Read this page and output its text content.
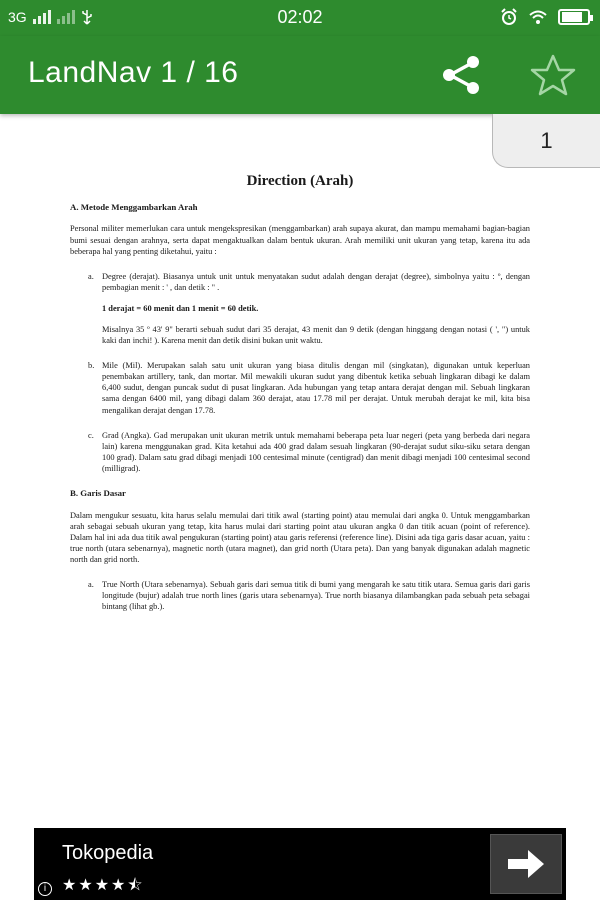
3G	02:02
LandNav 1 / 16
1
Direction (Arah)
A. Metode Menggambarkan Arah
Personal militer memerlukan cara untuk mengekspresikan (menggambarkan) arah supaya akurat, dan mampu memahami bagian-bagian bumi sesuai dengan arahnya, serta dapat mengaktualkan dalam bentuk ukuran. Arah memiliki unit ukuran yang tetap, karena itu ada beberapa hal yang penting diketahui, yaitu :
a. Degree (derajat). Biasanya untuk unit untuk menyatakan sudut adalah dengan derajat (degree), simbolnya yaitu : º, dengan pembagian menit : ' , dan detik : " .

1 derajat = 60 menit dan 1 menit = 60 detik.

Misalnya 35 º 43' 9" berarti sebuah sudut dari 35 derajat, 43 menit dan 9 detik (dengan hinggang dengan notasi ( ', ") untuk kaki dan inchi! ). Karena menit dan detik disini bukan unit waktu.

b. Mile (Mil). Merupakan salah satu unit ukuran yang biasa ditulis dengan mil (singkatan), digunakan untuk keperluan penembakan artillery, tank, dan mortar. Mil mewakili ukuran sudut yang dibentuk ketika sebuah lingkaran dibagi ke dalam 6,400 sudut, dengan puncak sudut di pusat lingkaran. Ada hubungan yang tetap antara derajat dengan mil. Sebuah lingkaran sama dengan 6400 mil, yang dibagi dalam 360 derajat, atau 17.78 mil per derajat. Untuk merubah derajat ke mil, kita bisa mengalikan derajat dengan 17.78.

c. Grad (Angka). Gad merupakan unit ukuran metrik untuk memahami beberapa peta luar negeri (peta yang berbeda dari negara lain) karena menggunakan grad. Kita ketahui ada 400 grad dalam sesuah lingkaran (90-derajat sudut siku-siku setara dengan 100 grad). Dalam satu grad dibagi menjadi 100 centesimal minute (centigrad) dan menit dibagi menjadi 100 centesimal second (milligrad).

B. Garis Dasar
Dalam mengukur sesuatu, kita harus selalu memulai dari titik awal (starting point) atau memulai dari angka 0. Untuk menggambarkan arah sebagai sebuah ukuran yang tetap, kita harus mulai dari starting point atau ukuran angka 0 dan titik acuan (point of reference). Dalam hal ini ada dua titik awal pengukuran (starting point) atau garis referensi (reference line). Disini ada tiga garis dasar acuan, yaitu : true north (utara sebenarnya), magnetic north (utara magnet), dan grid north (Utara peta). Dan yang banyak digunakan adalah magnetic north dan grid north.
a. True North (Utara sebenarnya). Sebuah garis dari semua titik di bumi yang mengarah ke satu titik utara. Semua garis dari garis longitude (bujur) adalah true north lines (garis utara sebenarnya). True north biasanya dilambangkan pada sebuah peta sebagai bintang (lihat gb.).

Tokopedia
★★★★⯪
i
